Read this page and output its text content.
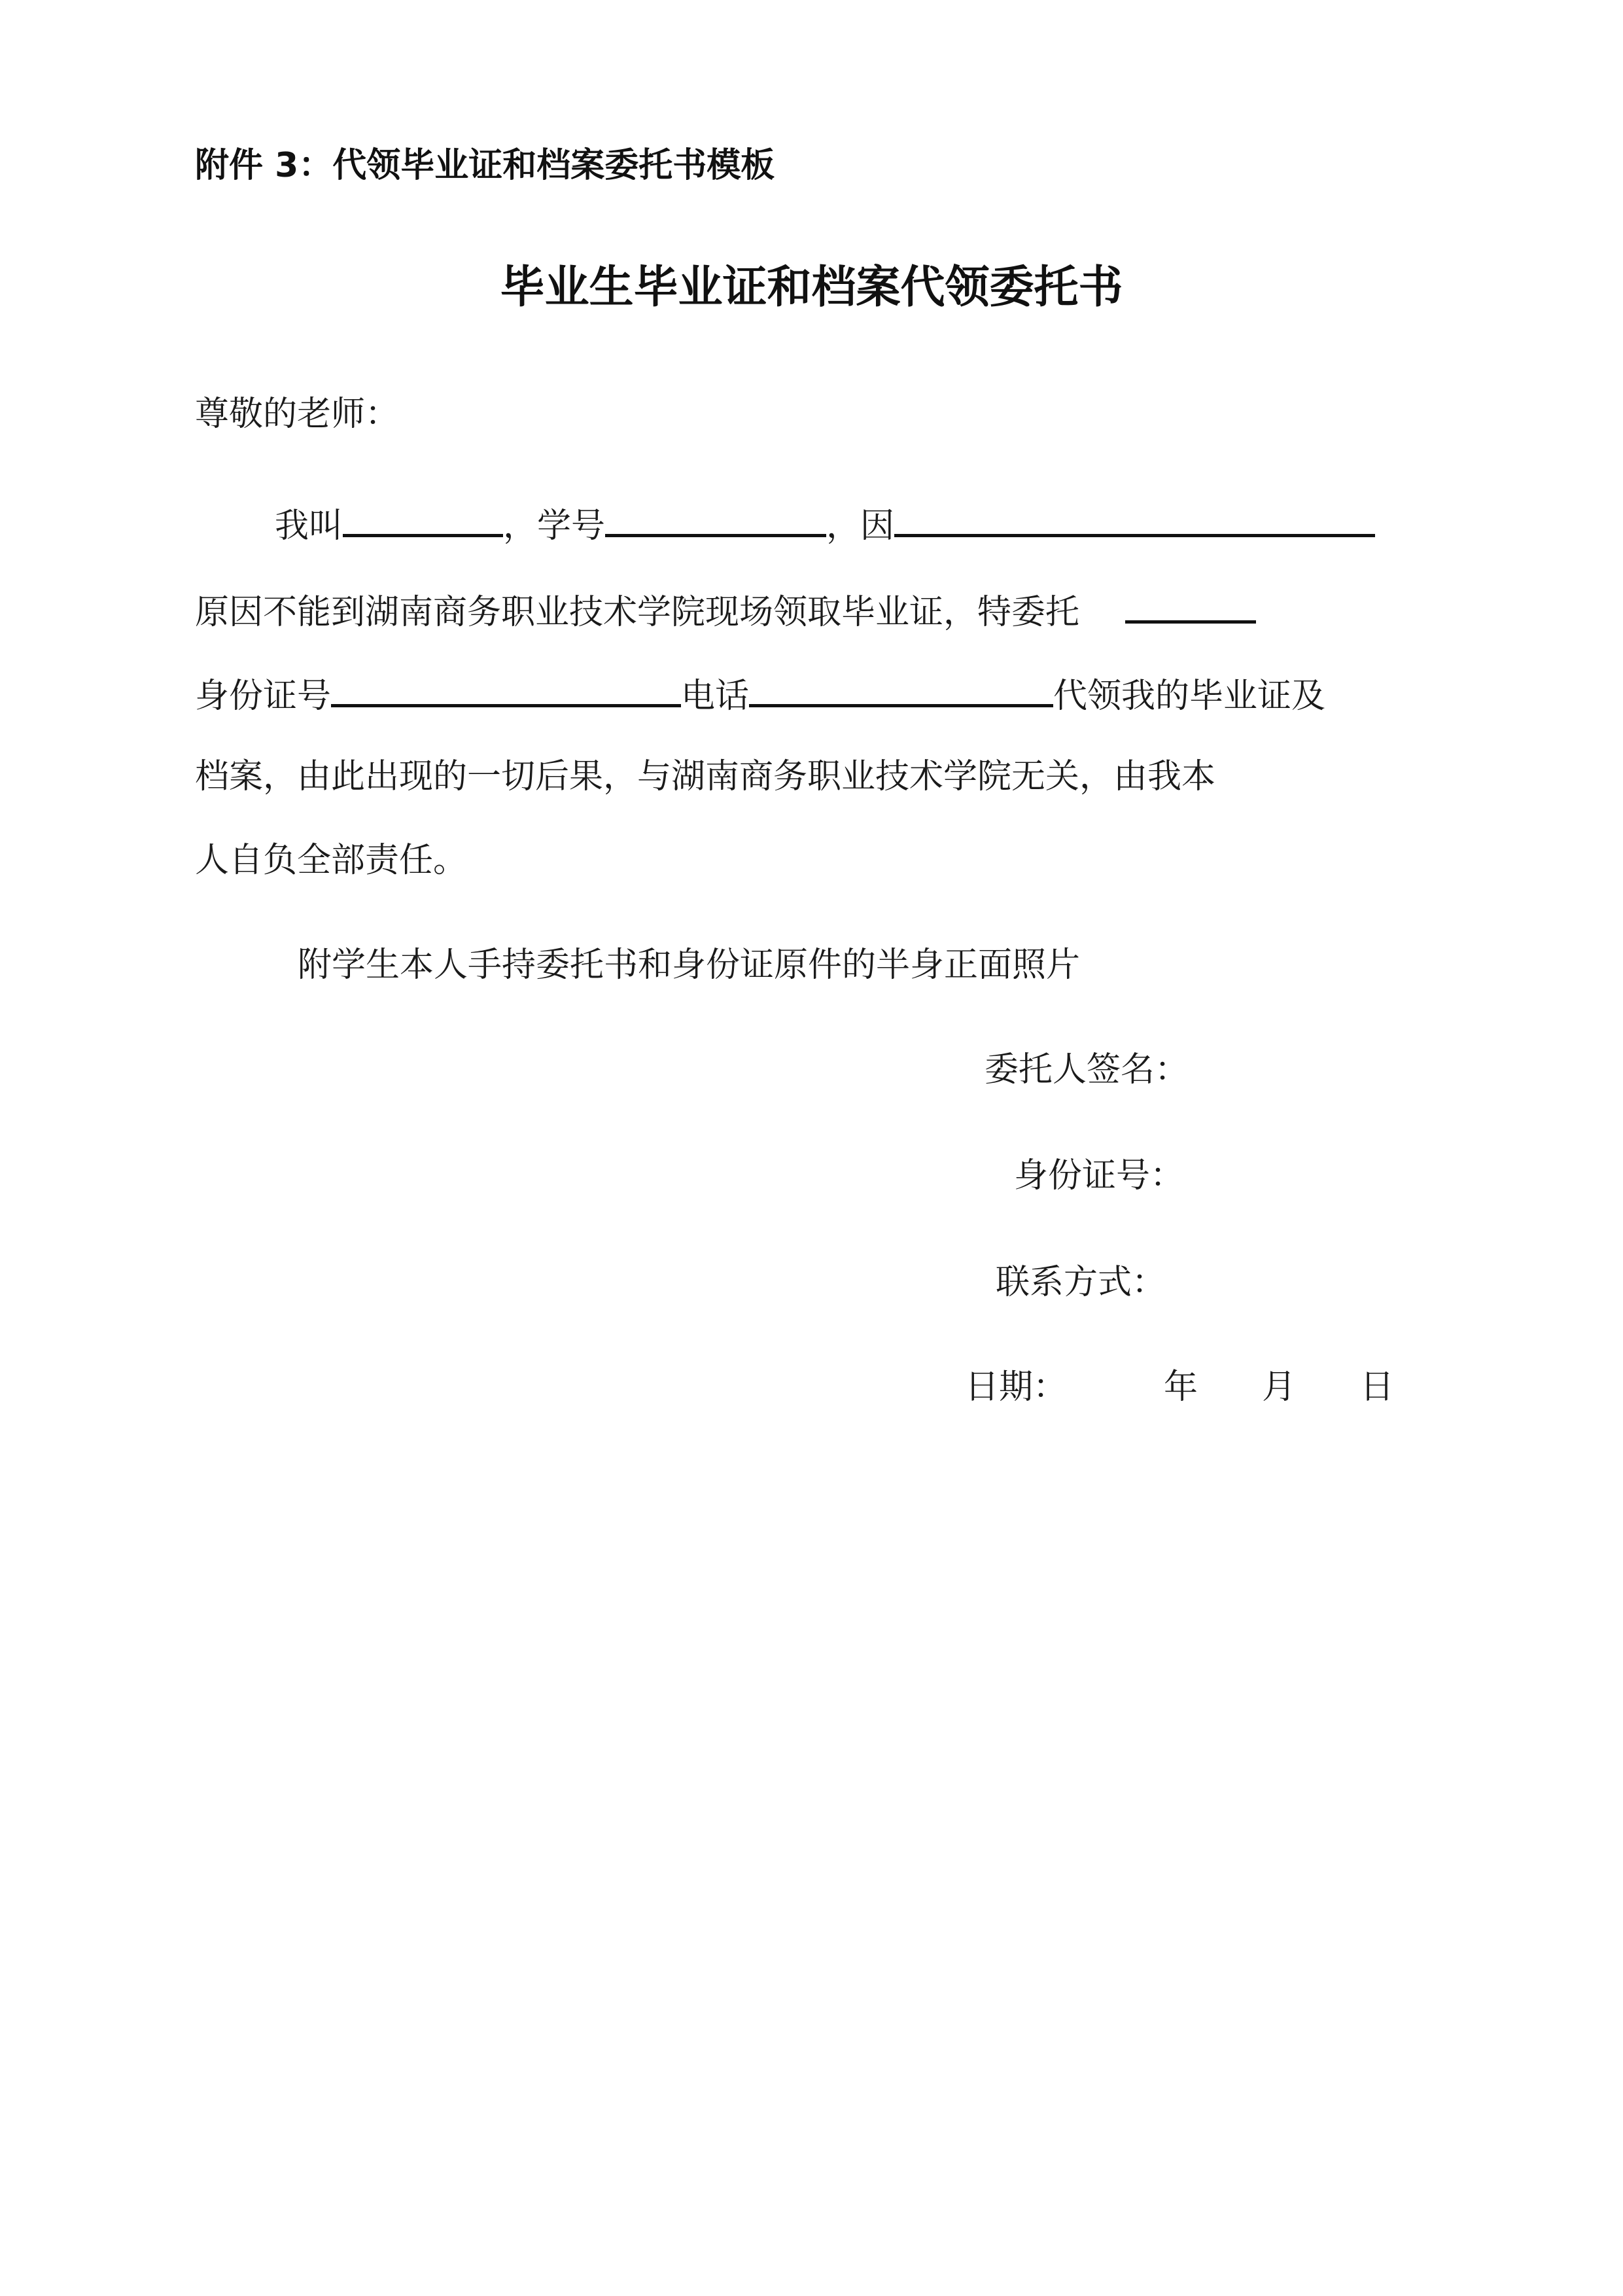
附件 3：代领毕业证和档案委托书模板
毕业生毕业证和档案代领委托书
尊敬的老师：
我叫	，学号	，因
原因不能到湖南商务职业技术学院现场领取毕业证，特委托
身份证号	电话	代领我的毕业证及
档案，由此出现的一切后果，与湖南商务职业技术学院无关，由我本
人自负全部责任。
附学生本人手持委托书和身份证原件的半身正面照片
委托人签名：
身份证号：
联系方式：
日期：	年 月 日
